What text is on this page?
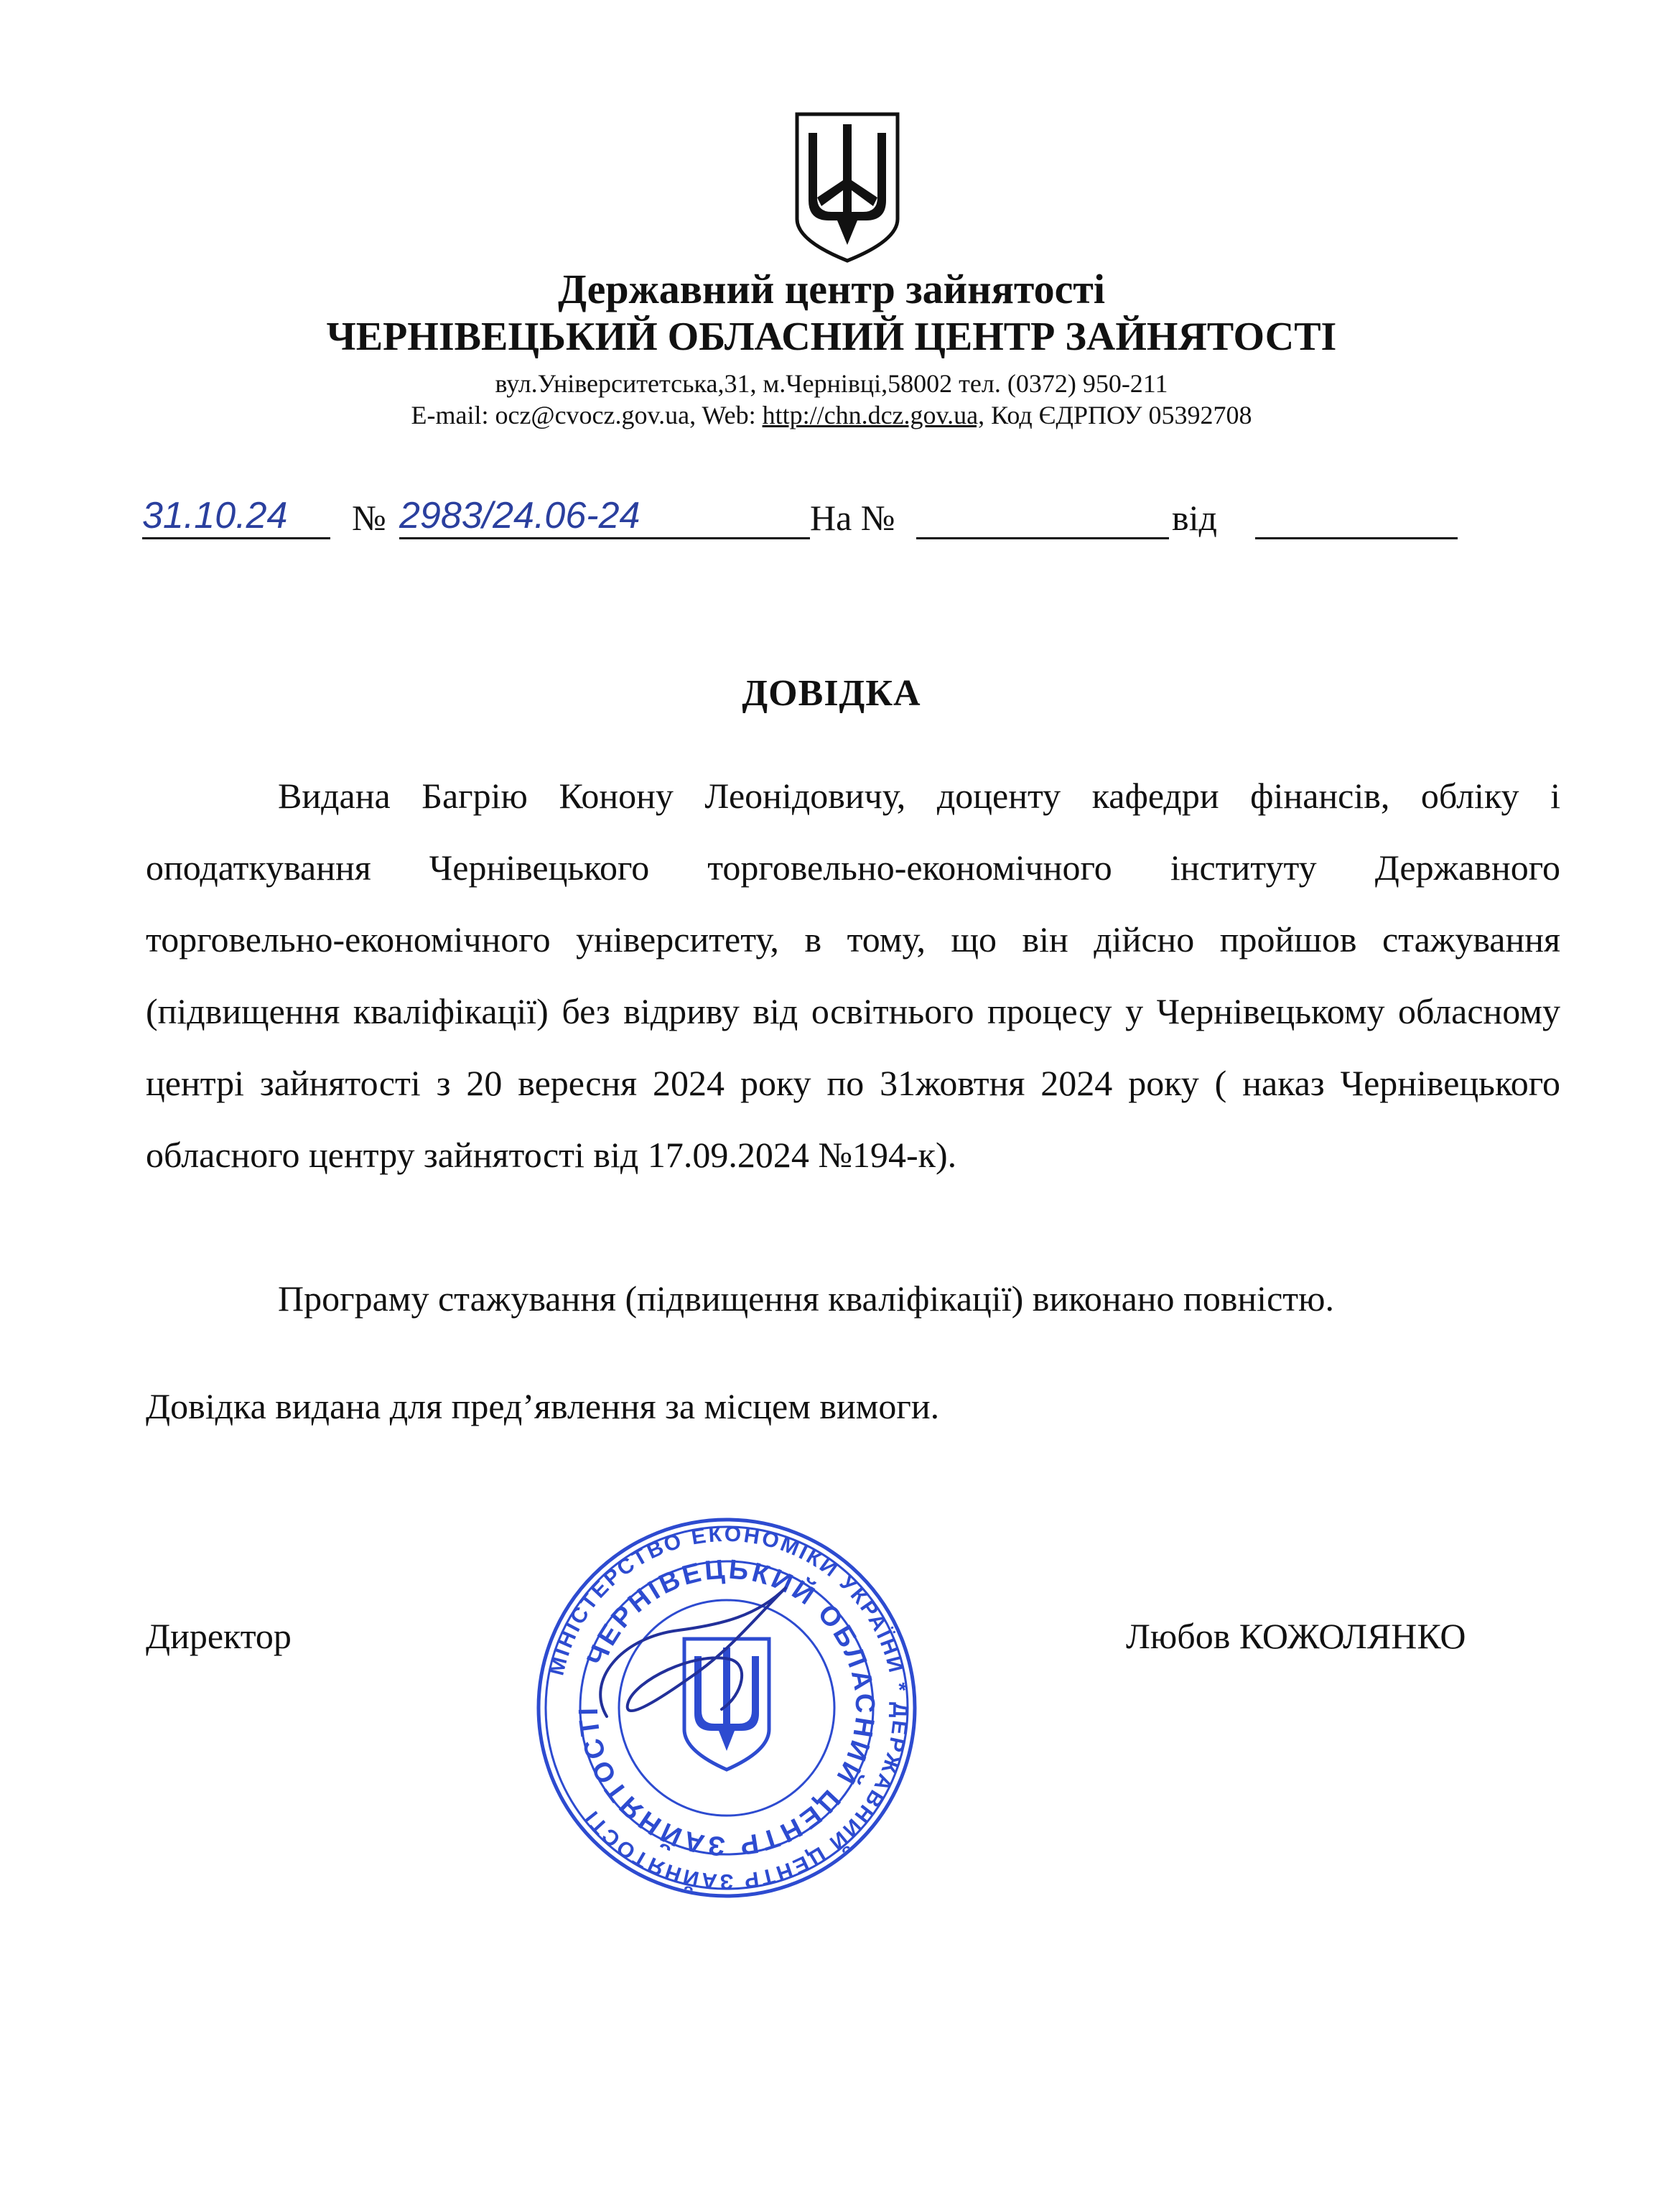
Державний центр зайнятості
ЧЕРНІВЕЦЬКИЙ ОБЛАСНИЙ ЦЕНТР ЗАЙНЯТОСТІ
вул.Університетська,31, м.Чернівці,58002 тел. (0372) 950-211
E-mail: ocz@cvocz.gov.ua, Web: http://chn.dcz.gov.ua, Код ЄДРПОУ 05392708
31.10.24 № 2983/24.06-24	На №	від
ДОВІДКА
Видана Багрію Конону Леонідовичу, доценту кафедри фінансів, обліку і оподаткування Чернівецького торговельно-економічного інституту Державного торговельно-економічного університету, в тому, що він дійсно пройшов стажування (підвищення кваліфікації) без відриву від освітнього процесу у Чернівецькому обласному центрі зайнятості з 20 вересня 2024 року по 31жовтня 2024 року ( наказ Чернівецького обласного центру зайнятості від 17.09.2024 №194-к).
Програму стажування (підвищення кваліфікації) виконано повністю.
Довідка видана для пред’явлення за місцем вимоги.
Директор	Любов КОЖОЛЯНКО
МІНІСТЕРСТВО ЕКОНОМІКИ УКРАЇНИ * ДЕРЖАВНИЙ ЦЕНТР ЗАЙНЯТОСТІ
ЧЕРНІВЕЦЬКИЙ ОБЛАСНИЙ ЦЕНТР ЗАЙНЯТОСТІ
